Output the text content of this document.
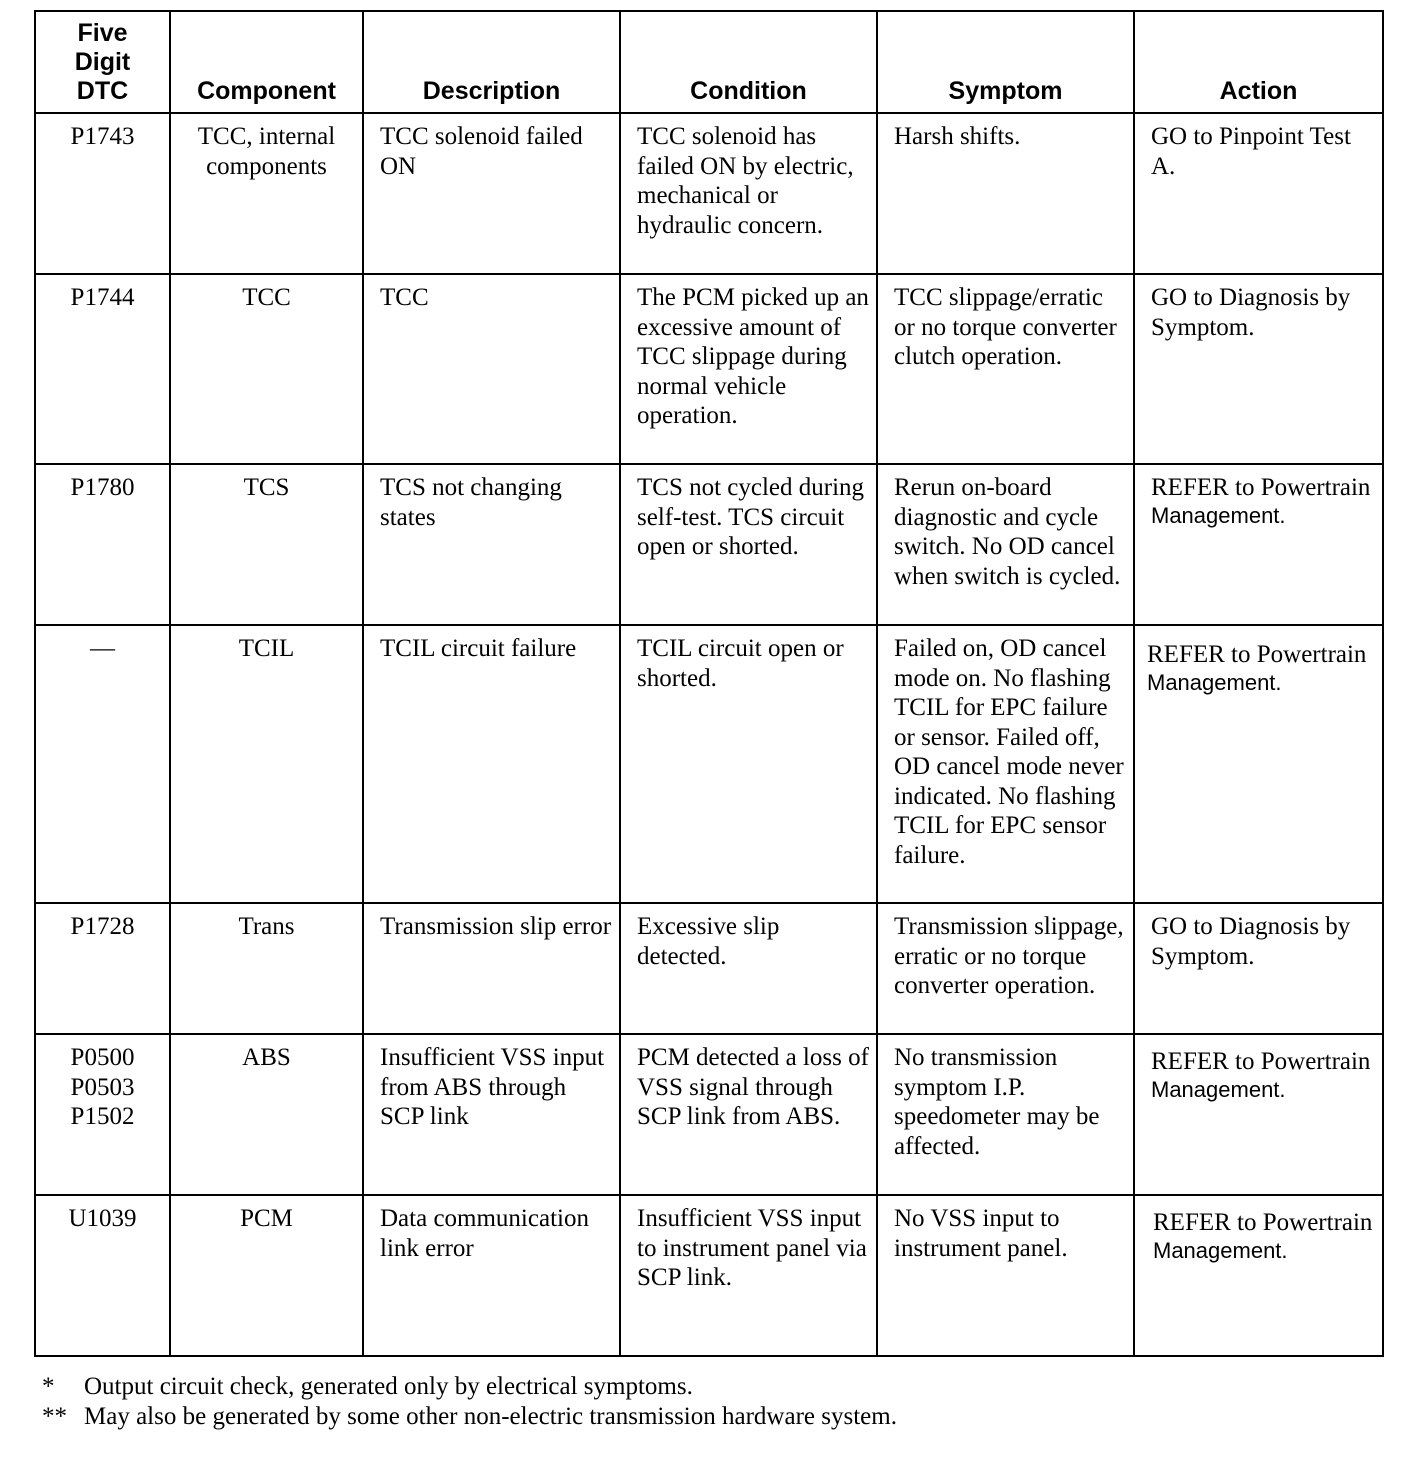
Five
Digit
DTC	Component	Description	Condition	Symptom	Action

P1743	TCC, internal components	TCC solenoid failed ON	TCC solenoid has failed ON by electric, mechanical or hydraulic concern.	Harsh shifts.	GO to Pinpoint Test A.

P1744	TCC	TCC	The PCM picked up an excessive amount of TCC slippage during normal vehicle operation.	TCC slippage/erratic or no torque converter clutch operation.	GO to Diagnosis by Symptom.

P1780	TCS	TCS not changing states	TCS not cycled during self-test. TCS circuit open or shorted.	Rerun on-board diagnostic and cycle switch. No OD cancel when switch is cycled.	REFER to Powertrain
Management.

—	TCIL	TCIL circuit failure	TCIL circuit open or shorted.	Failed on, OD cancel mode on. No flashing TCIL for EPC failure or sensor. Failed off, OD cancel mode never indicated. No flashing TCIL for EPC sensor failure.	REFER to Powertrain
Management.

P1728	Trans	Transmission slip error	Excessive slip detected.	Transmission slippage, erratic or no torque converter operation.	GO to Diagnosis by Symptom.

P0500
P0503
P1502	ABS	Insufficient VSS input from ABS through SCP link	PCM detected a loss of VSS signal through SCP link from ABS.	No transmission symptom I.P. speedometer may be affected.	REFER to Powertrain
Management.

U1039	PCM	Data communication link error	Insufficient VSS input to instrument panel via SCP link.	No VSS input to instrument panel.	REFER to Powertrain
Management.
*	Output circuit check, generated only by electrical symptoms.
** May also be generated by some other non-electric transmission hardware system.
